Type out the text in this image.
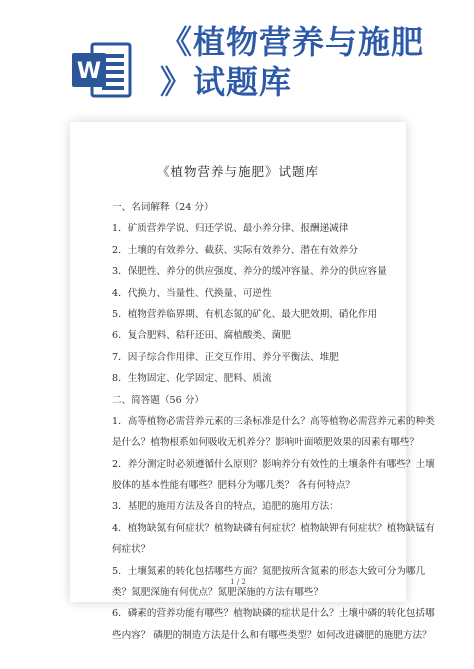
W
《植物营养与施肥
》试题库
《植物营养与施肥》试题库
一、名词解释（24 分）
1．矿质营养学说、归还学说、最小养分律、报酬递减律
2．土壤的有效养分、截获、实际有效养分、潜在有效养分
3．保肥性、养分的供应强度、养分的缓冲容量、养分的供应容量
4．代换力、当量性、代换量、可逆性
5．植物营养临界期、有机态氮的矿化、最大肥效期、硝化作用
6．复合肥料、秸秆还田、腐植酸类、菌肥
7．因子综合作用律、正交互作用、养分平衡法、堆肥
8．生物固定、化学固定、肥料、质流
二、简答题（56 分）
1．高等植物必需营养元素的三条标准是什么？高等植物必需营养元素的种类
是什么？植物根系如何吸收无机养分？影响叶面喷肥效果的因素有哪些？
2．养分测定时必须遵循什么原则？影响养分有效性的土壤条件有哪些？土壤
胶体的基本性能有哪些？肥料分为哪几类？ 各有何特点？
3．基肥的施用方法及各自的特点，追肥的施用方法：
4．植物缺氮有何症状？植物缺磷有何症状？植物缺钾有何症状？植物缺锰有
何症状？
5．土壤氮素的转化包括哪些方面？氮肥按所含氮素的形态大致可分为哪几
类？氮肥深施有何优点？氮肥深施的方法有哪些？
6．磷素的营养功能有哪些？植物缺磷的症状是什么？土壤中磷的转化包括哪
些内容？ 磷肥的制造方法是什么和有哪些类型？如何改进磷肥的施肥方法？
1 / 2
